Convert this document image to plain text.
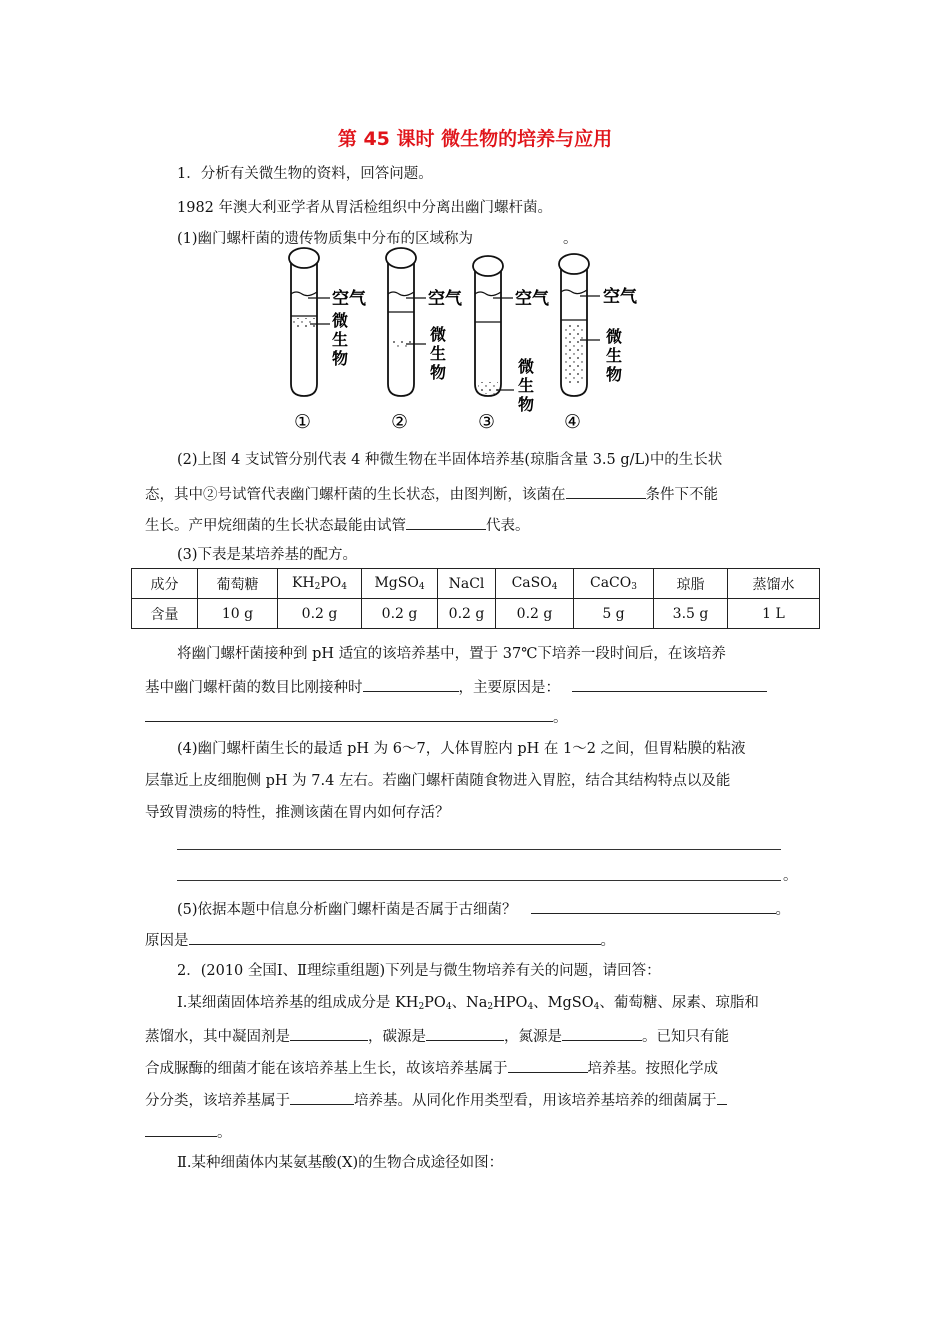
第 45 课时 微生物的培养与应用
1．分析有关微生物的资料，回答问题。
1982 年澳大利亚学者从胃活检组织中分离出幽门螺杆菌。
(1)幽门螺杆菌的遗传物质集中分布的区域称为	。
空气
微
生
物
空气
微
生
物
空气
微
生
物
空气
微
生
物
①	②	③	④
(2)上图 4 支试管分别代表 4 种微生物在半固体培养基(琼脂含量 3.5 g/L)中的生长状
态，其中②号试管代表幽门螺杆菌的生长状态，由图判断，该菌在	条件下不能
生长。产甲烷细菌的生长状态最能由试管	代表。
(3)下表是某培养基的配方。
成分	葡萄糖	$KH_2PO_4$	MgSO$_4$	NaCl	CaSO$_4$	CaCO$_3$	琼脂	蒸馏水
含量	10 g	0.2 g	0.2 g	0.2 g	0.2 g	5 g	3.5 g	1 L
将幽门螺杆菌接种到 pH 适宜的该培养基中，置于 37℃下培养一段时间后，在该培养
基中幽门螺杆菌的数目比刚接种时	，主要原因是：
。
(4)幽门螺杆菌生长的最适 pH 为 6～7，人体胃腔内 pH 在 1～2 之间，但胃粘膜的粘液
层靠近上皮细胞侧 pH 为 7.4 左右。若幽门螺杆菌随食物进入胃腔，结合其结构特点以及能
导致胃溃疡的特性，推测该菌在胃内如何存活？
。
(5)依据本题中信息分析幽门螺杆菌是否属于古细菌？	。
原因是	。
2．(2010 全国Ⅰ、Ⅱ理综重组题)下列是与微生物培养有关的问题，请回答：
Ⅰ.某细菌固体培养基的组成成分是 $KH_2PO_4$、$Na_2HPO_4$、MgSO$_4$、葡萄糖、尿素、琼脂和
蒸馏水，其中凝固剂是	，碳源是	，氮源是	。已知只有能
合成脲酶的细菌才能在该培养基上生长，故该培养基属于	培养基。按照化学成
分分类，该培养基属于	培养基。从同化作用类型看，用该培养基培养的细菌属于
。
Ⅱ.某种细菌体内某氨基酸(X)的生物合成途径如图：
